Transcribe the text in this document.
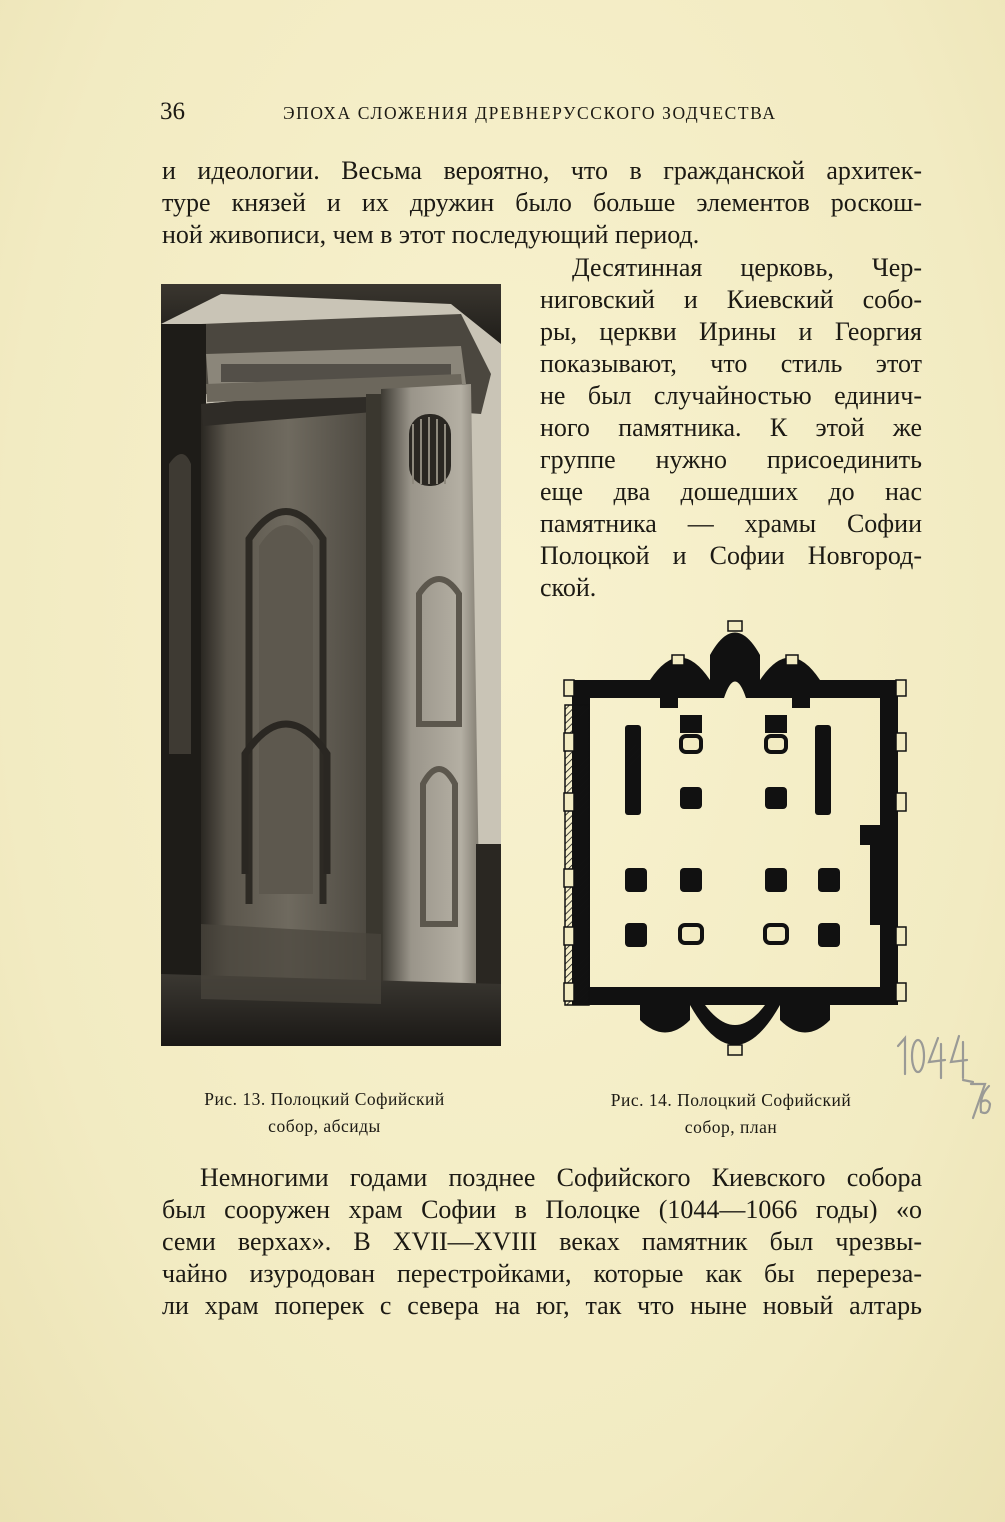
36	ЭПОХА СЛОЖЕНИЯ ДРЕВНЕРУССКОГО ЗОДЧЕСТВА
и идеологии. Весьма вероятно, что в гражданской архитек-
туре князей и их дружин было больше элементов роскош-
ной живописи, чем в этот последующий период.
Десятинная церковь, Чер-
ниговский и Киевский собо-
ры, церкви Ирины и Георгия
показывают, что стиль этот
не был случайностью единич-
ного памятника. К этой же
группе нужно присоединить
еще два дошедших до нас
памятника — храмы Софии
Полоцкой и Софии Новгород-
ской.
Рис. 13. Полоцкий Софийский
собор, абсиды
Рис. 14. Полоцкий Софийский
собор, план
Немногими годами позднее Софийского Киевского собора
был сооружен храм Софии в Полоцке (1044—1066 годы) «о
семи верхах». В XVII—XVIII веках памятник был чрезвы-
чайно изуродован перестройками, которые как бы перереза-
ли храм поперек с севера на юг, так что ныне новый алтарь
